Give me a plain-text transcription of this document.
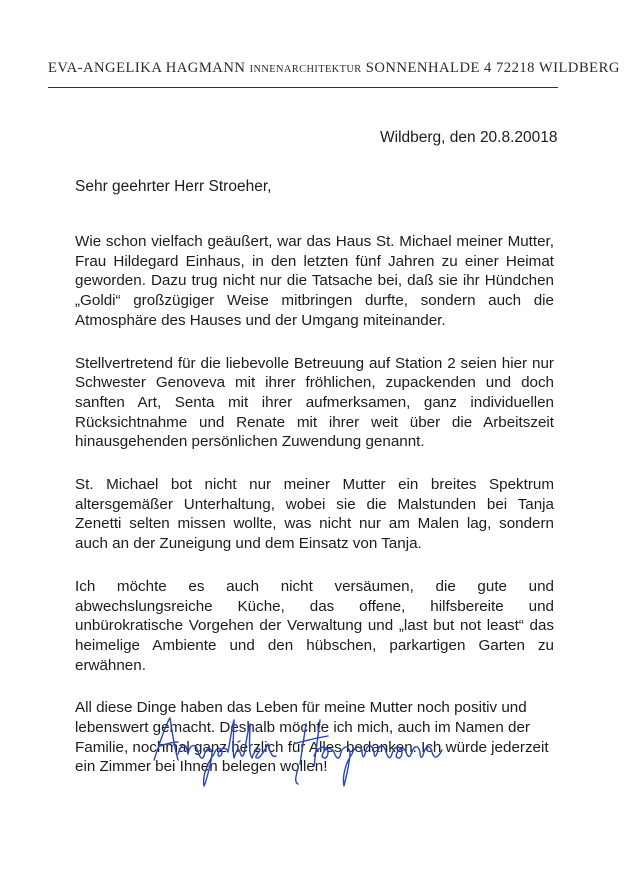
EVA-ANGELIKA HAGMANN INNENARCHITEKTUR SONNENHALDE 4 72218 WILDBERG
Wildberg, den 20.8.20018
Sehr geehrter Herr Stroeher,

Wie schon vielfach geäußert, war das Haus St. Michael meiner Mutter, Frau Hildegard Einhaus, in den letzten fünf Jahren zu einer Heimat geworden. Dazu trug nicht nur die Tatsache bei, daß sie ihr Hündchen „Goldi“ großzügiger Weise mitbringen durfte, sondern auch die Atmosphäre des Hauses und der Umgang miteinander.

Stellvertretend für die liebevolle Betreuung auf Station 2 seien hier nur Schwester Genoveva mit ihrer fröhlichen, zupackenden und doch sanften Art, Senta mit ihrer aufmerksamen, ganz individuellen Rücksichtnahme und Renate mit ihrer weit über die Arbeitszeit hinausgehenden persönlichen Zuwendung genannt.

St. Michael bot nicht nur meiner Mutter ein breites Spektrum altersgemäßer Unterhaltung, wobei sie die Malstunden bei Tanja Zenetti selten missen wollte, was nicht nur am Malen lag, sondern auch an der Zuneigung und dem Einsatz von Tanja.

Ich möchte es auch nicht versäumen, die gute und abwechslungsreiche Küche, das offene, hilfsbereite und unbürokratische Vorgehen der Verwaltung und „last but not least“ das heimelige Ambiente und den hübschen, parkartigen Garten zu erwähnen.

All diese Dinge haben das Leben für meine Mutter noch positiv und lebenswert gemacht. Deshalb möchte ich mich, auch im Namen der Familie, nochmal ganz herzlich für Alles bedanken. Ich würde jederzeit ein Zimmer bei Ihnen belegen wollen!
